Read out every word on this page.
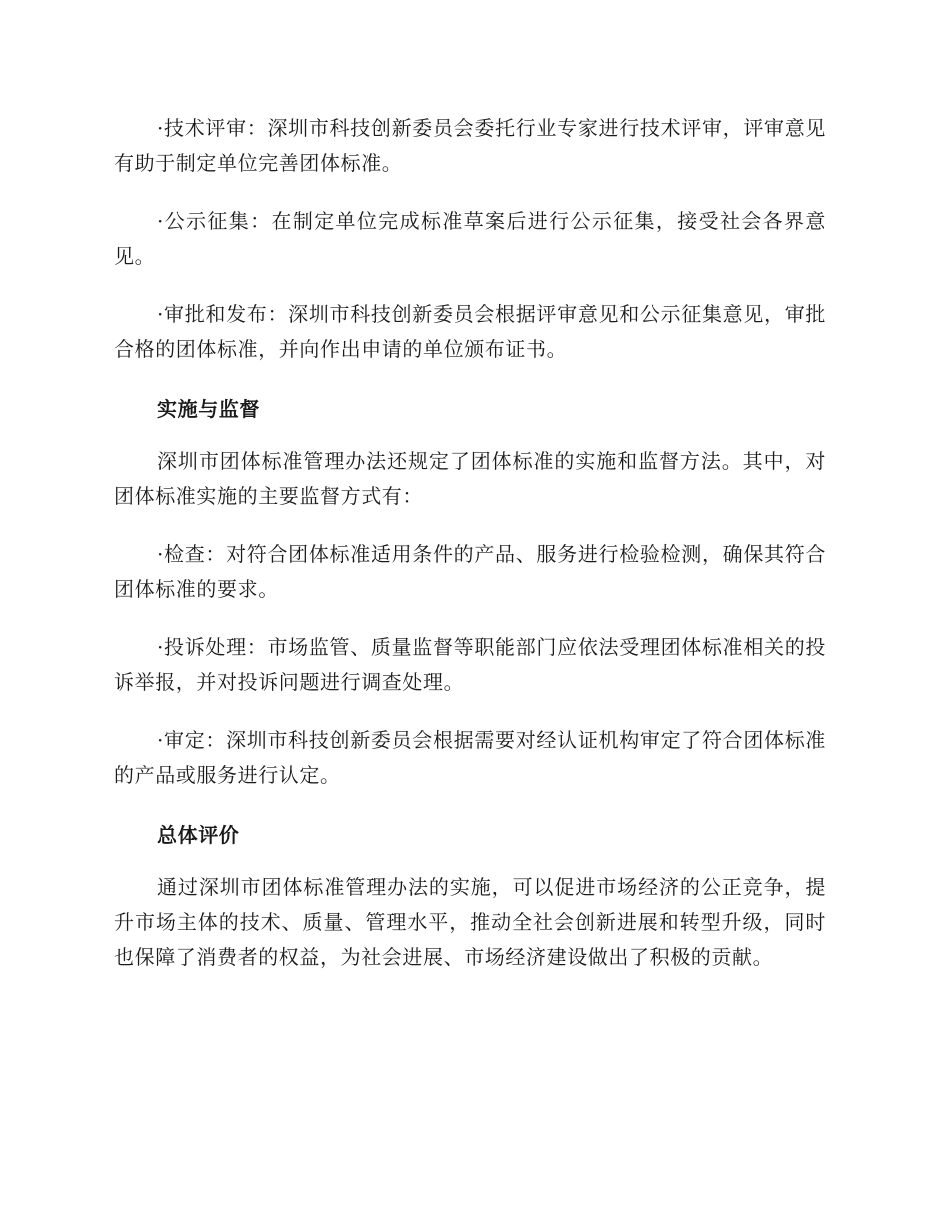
·技术评审：深圳市科技创新委员会委托行业专家进行技术评审，评审意见有助于制定单位完善团体标准。

·公示征集：在制定单位完成标准草案后进行公示征集，接受社会各界意见。

·审批和发布：深圳市科技创新委员会根据评审意见和公示征集意见，审批合格的团体标准，并向作出申请的单位颁布证书。

实施与监督

深圳市团体标准管理办法还规定了团体标准的实施和监督方法。其中，对团体标准实施的主要监督方式有：

·检查：对符合团体标准适用条件的产品、服务进行检验检测，确保其符合团体标准的要求。

·投诉处理：市场监管、质量监督等职能部门应依法受理团体标准相关的投诉举报，并对投诉问题进行调查处理。

·审定：深圳市科技创新委员会根据需要对经认证机构审定了符合团体标准的产品或服务进行认定。

总体评价

通过深圳市团体标准管理办法的实施，可以促进市场经济的公正竞争，提升市场主体的技术、质量、管理水平，推动全社会创新进展和转型升级，同时也保障了消费者的权益，为社会进展、市场经济建设做出了积极的贡献。
